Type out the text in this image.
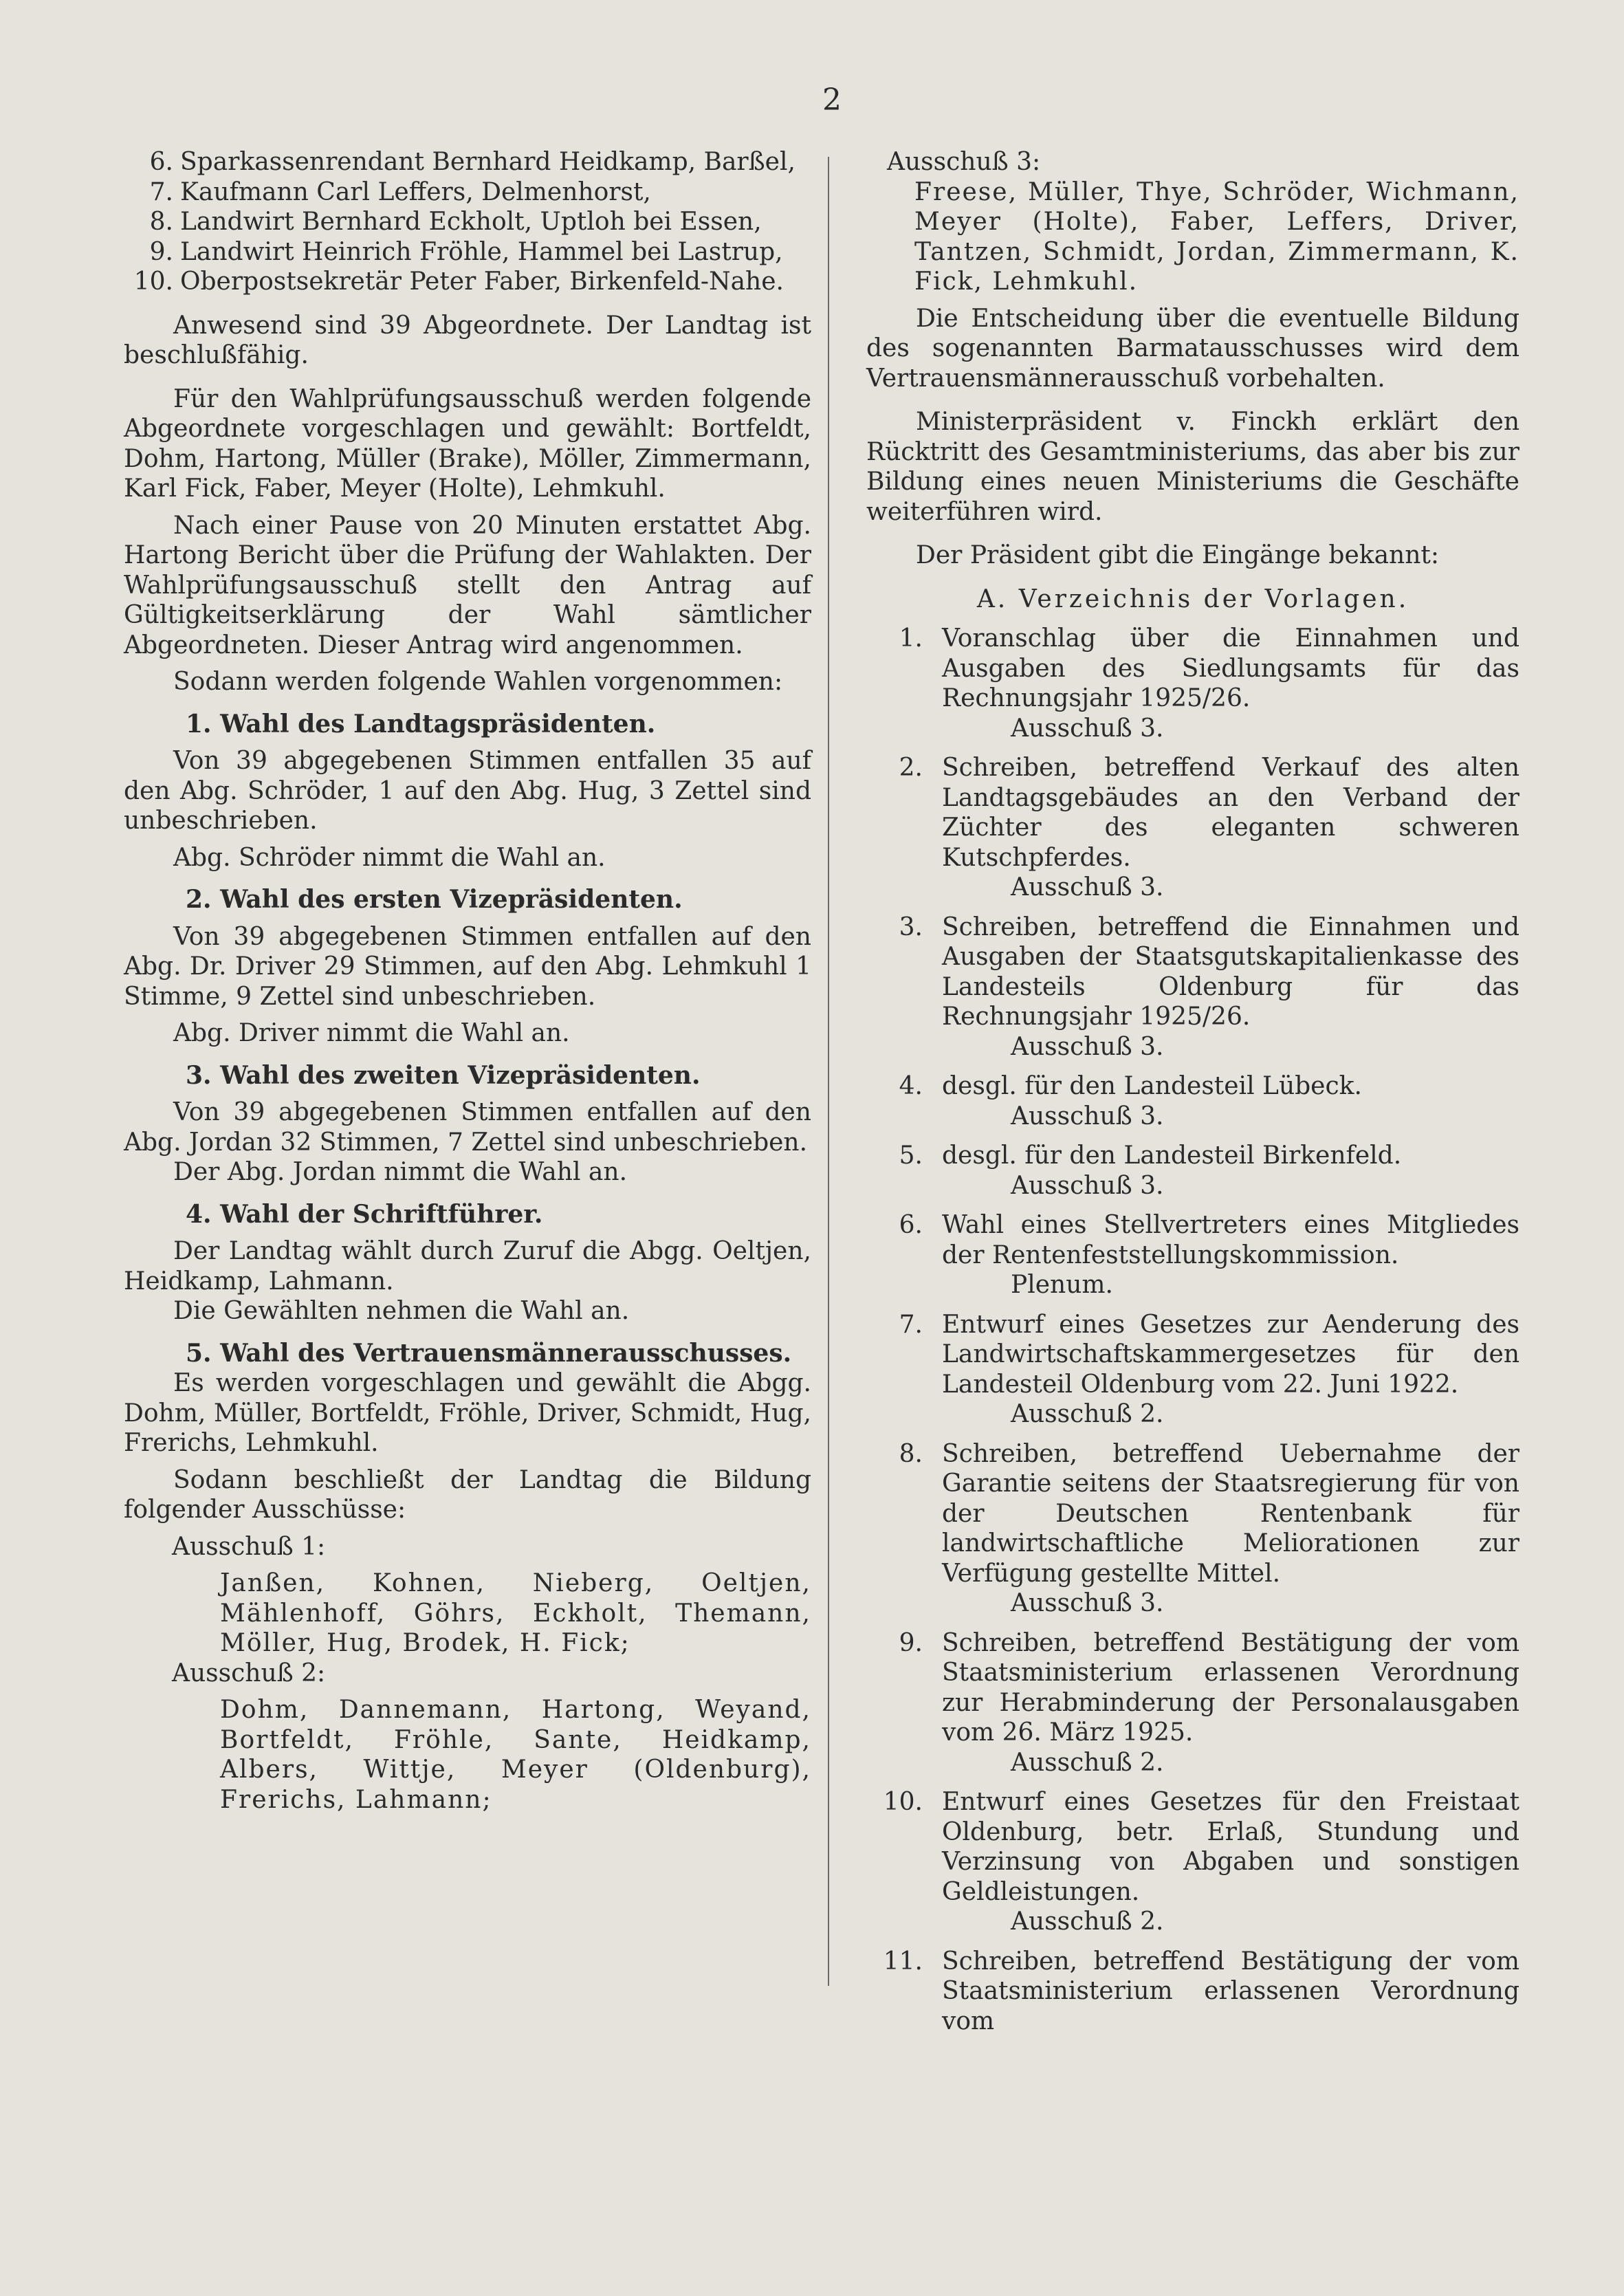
2
6. Sparkassenrendant Bernhard Heidkamp, Barßel,
7. Kaufmann Carl Leffers, Delmenhorst,
8. Landwirt Bernhard Eckholt, Uptloh bei Essen,
9. Landwirt Heinrich Fröhle, Hammel bei Lastrup,
10. Oberpostsekretär Peter Faber, Birkenfeld-Nahe.

Anwesend sind 39 Abgeordnete. Der Landtag ist beschlußfähig.

Für den Wahlprüfungsausschuß werden folgende Abgeordnete vorgeschlagen und gewählt: Bortfeldt, Dohm, Hartong, Müller (Brake), Möller, Zimmermann, Karl Fick, Faber, Meyer (Holte), Lehmkuhl.

Nach einer Pause von 20 Minuten erstattet Abg. Hartong Bericht über die Prüfung der Wahlakten. Der Wahlprüfungsausschuß stellt den Antrag auf Gültigkeitserklärung der Wahl sämtlicher Abgeordneten. Dieser Antrag wird angenommen.

Sodann werden folgende Wahlen vorgenommen:

1. Wahl des Landtagspräsidenten.

Von 39 abgegebenen Stimmen entfallen 35 auf den Abg. Schröder, 1 auf den Abg. Hug, 3 Zettel sind unbeschrieben.

Abg. Schröder nimmt die Wahl an.

2. Wahl des ersten Vizepräsidenten.

Von 39 abgegebenen Stimmen entfallen auf den Abg. Dr. Driver 29 Stimmen, auf den Abg. Lehmkuhl 1 Stimme, 9 Zettel sind unbeschrieben.

Abg. Driver nimmt die Wahl an.

3. Wahl des zweiten Vizepräsidenten.

Von 39 abgegebenen Stimmen entfallen auf den Abg. Jordan 32 Stimmen, 7 Zettel sind unbeschrieben.

Der Abg. Jordan nimmt die Wahl an.

4. Wahl der Schriftführer.

Der Landtag wählt durch Zuruf die Abgg. Oeltjen, Heidkamp, Lahmann.

Die Gewählten nehmen die Wahl an.

5. Wahl des Vertrauensmännerausschusses.

Es werden vorgeschlagen und gewählt die Abgg. Dohm, Müller, Bortfeldt, Fröhle, Driver, Schmidt, Hug, Frerichs, Lehmkuhl.

Sodann beschließt der Landtag die Bildung folgender Ausschüsse:

Ausschuß 1:

Janßen, Kohnen, Nieberg, Oeltjen, Mählenhoff, Göhrs, Eckholt, Themann, Möller, Hug, Brodek, H. Fick;

Ausschuß 2:

Dohm, Dannemann, Hartong, Weyand, Bortfeldt, Fröhle, Sante, Heidkamp, Albers, Wittje, Meyer (Oldenburg), Frerichs, Lahmann;

Ausschuß 3:

Freese, Müller, Thye, Schröder, Wichmann, Meyer (Holte), Faber, Leffers, Driver, Tantzen, Schmidt, Jordan, Zimmermann, K. Fick, Lehmkuhl.

Die Entscheidung über die eventuelle Bildung des sogenannten Barmatausschusses wird dem Vertrauensmännerausschuß vorbehalten.

Ministerpräsident v. Finckh erklärt den Rücktritt des Gesamtministeriums, das aber bis zur Bildung eines neuen Ministeriums die Geschäfte weiterführen wird.

Der Präsident gibt die Eingänge bekannt:

A. Verzeichnis der Vorlagen.

1. Voranschlag über die Einnahmen und Ausgaben des Siedlungsamts für das Rechnungsjahr 1925/26.
Ausschuß 3.
2. Schreiben, betreffend Verkauf des alten Landtagsgebäudes an den Verband der Züchter des eleganten schweren Kutschpferdes.
Ausschuß 3.
3. Schreiben, betreffend die Einnahmen und Ausgaben der Staatsgutskapitalienkasse des Landesteils Oldenburg für das Rechnungsjahr 1925/26.
Ausschuß 3.
4. desgl. für den Landesteil Lübeck.
Ausschuß 3.
5. desgl. für den Landesteil Birkenfeld.
Ausschuß 3.
6. Wahl eines Stellvertreters eines Mitgliedes der Rentenfeststellungskommission.
Plenum.
7. Entwurf eines Gesetzes zur Aenderung des Landwirtschaftskammergesetzes für den Landesteil Oldenburg vom 22. Juni 1922.
Ausschuß 2.
8. Schreiben, betreffend Uebernahme der Garantie seitens der Staatsregierung für von der Deutschen Rentenbank für landwirtschaftliche Meliorationen zur Verfügung gestellte Mittel.
Ausschuß 3.
9. Schreiben, betreffend Bestätigung der vom Staatsministerium erlassenen Verordnung zur Herabminderung der Personalausgaben vom 26. März 1925.
Ausschuß 2.
10. Entwurf eines Gesetzes für den Freistaat Oldenburg, betr. Erlaß, Stundung und Verzinsung von Abgaben und sonstigen Geldleistungen.
Ausschuß 2.
11. Schreiben, betreffend Bestätigung der vom Staatsministerium erlassenen Verordnung vom
